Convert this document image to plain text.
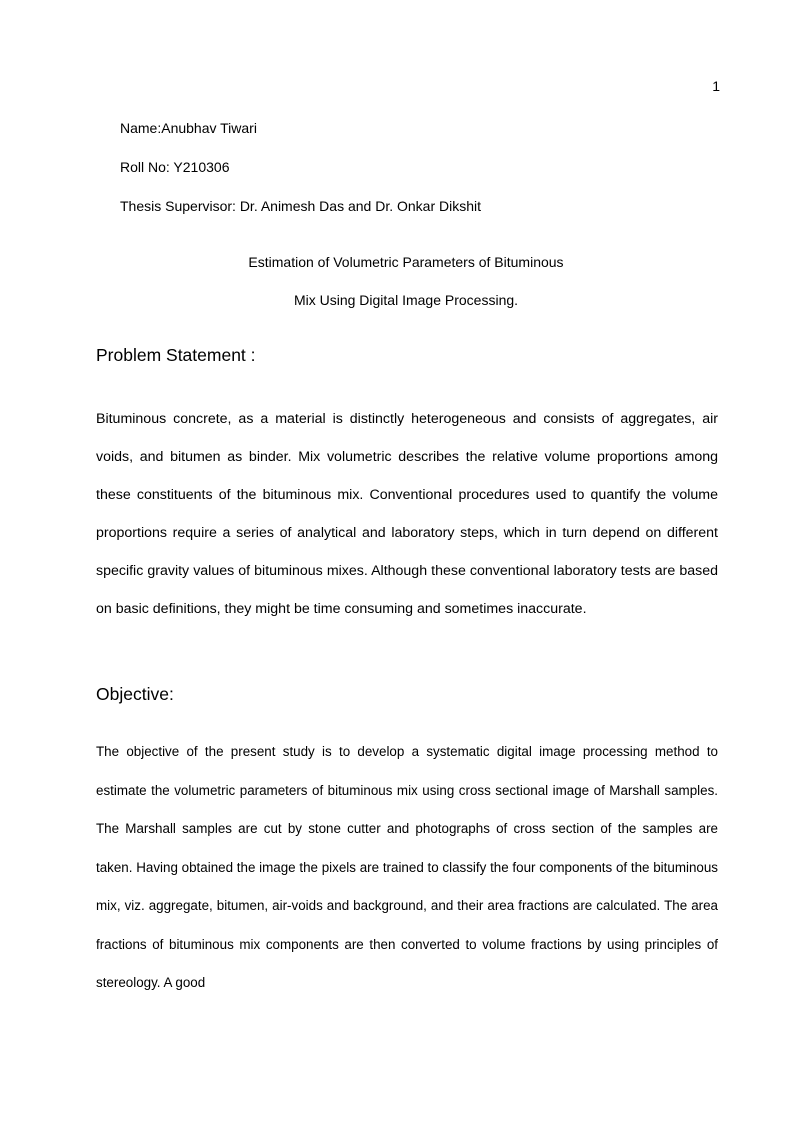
1
Name:Anubhav Tiwari
Roll No: Y210306
Thesis Supervisor: Dr. Animesh Das and Dr. Onkar Dikshit
Estimation of Volumetric Parameters of Bituminous
Mix Using Digital Image Processing.
Problem Statement :

Bituminous concrete, as a material is distinctly heterogeneous and consists of aggregates, air voids, and bitumen as binder. Mix volumetric describes the relative volume proportions among these constituents of the bituminous mix. Conventional procedures used to quantify the volume proportions require a series of analytical and laboratory steps, which in turn depend on different specific gravity values of bituminous mixes. Although these conventional laboratory tests are based on basic definitions, they might be time consuming and sometimes inaccurate.

Objective:

The objective of the present study is to develop a systematic digital image processing method to estimate the volumetric parameters of bituminous mix using cross sectional image of Marshall samples. The Marshall samples are cut by stone cutter and photographs of cross section of the samples are taken. Having obtained the image the pixels are trained to classify the four components of the bituminous mix, viz. aggregate, bitumen, air-voids and background, and their area fractions are calculated. The area fractions of bituminous mix components are then converted to volume fractions by using principles of stereology. A good
